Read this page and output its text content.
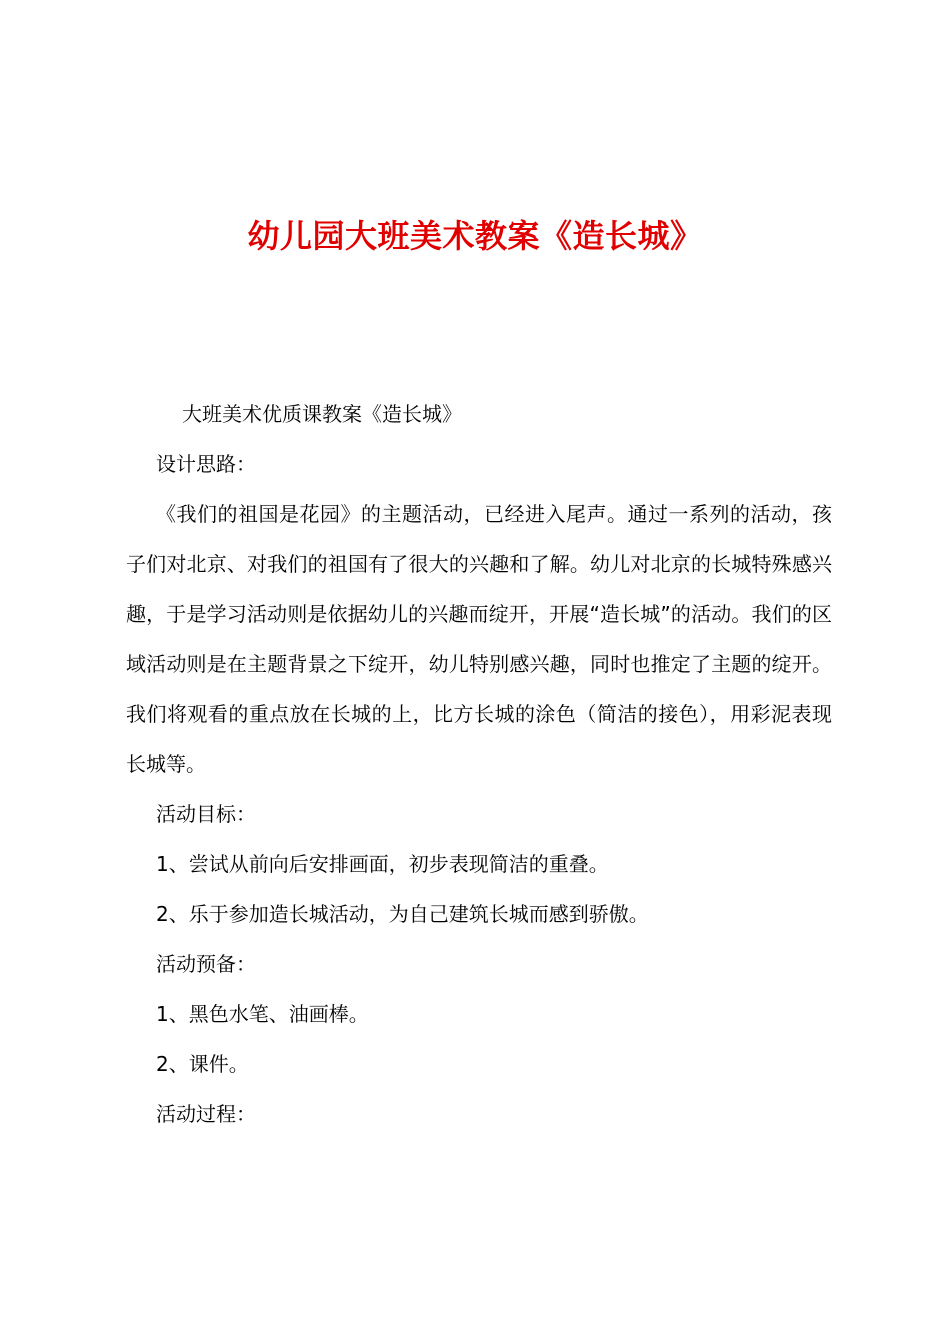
幼儿园大班美术教案《造长城》

大班美术优质课教案《造长城》

设计思路：

《我们的祖国是花园》的主题活动，已经进入尾声。通过一系列的活动，孩子们对北京、对我们的祖国有了很大的兴趣和了解。幼儿对北京的长城特殊感兴趣，于是学习活动则是依据幼儿的兴趣而绽开，开展“造长城”的活动。我们的区域活动则是在主题背景之下绽开，幼儿特别感兴趣，同时也推定了主题的绽开。我们将观看的重点放在长城的上，比方长城的涂色（简洁的接色），用彩泥表现长城等。

活动目标：

1、尝试从前向后安排画面，初步表现简洁的重叠。

2、乐于参加造长城活动，为自己建筑长城而感到骄傲。

活动预备：

1、黑色水笔、油画棒。

2、课件。

活动过程：
